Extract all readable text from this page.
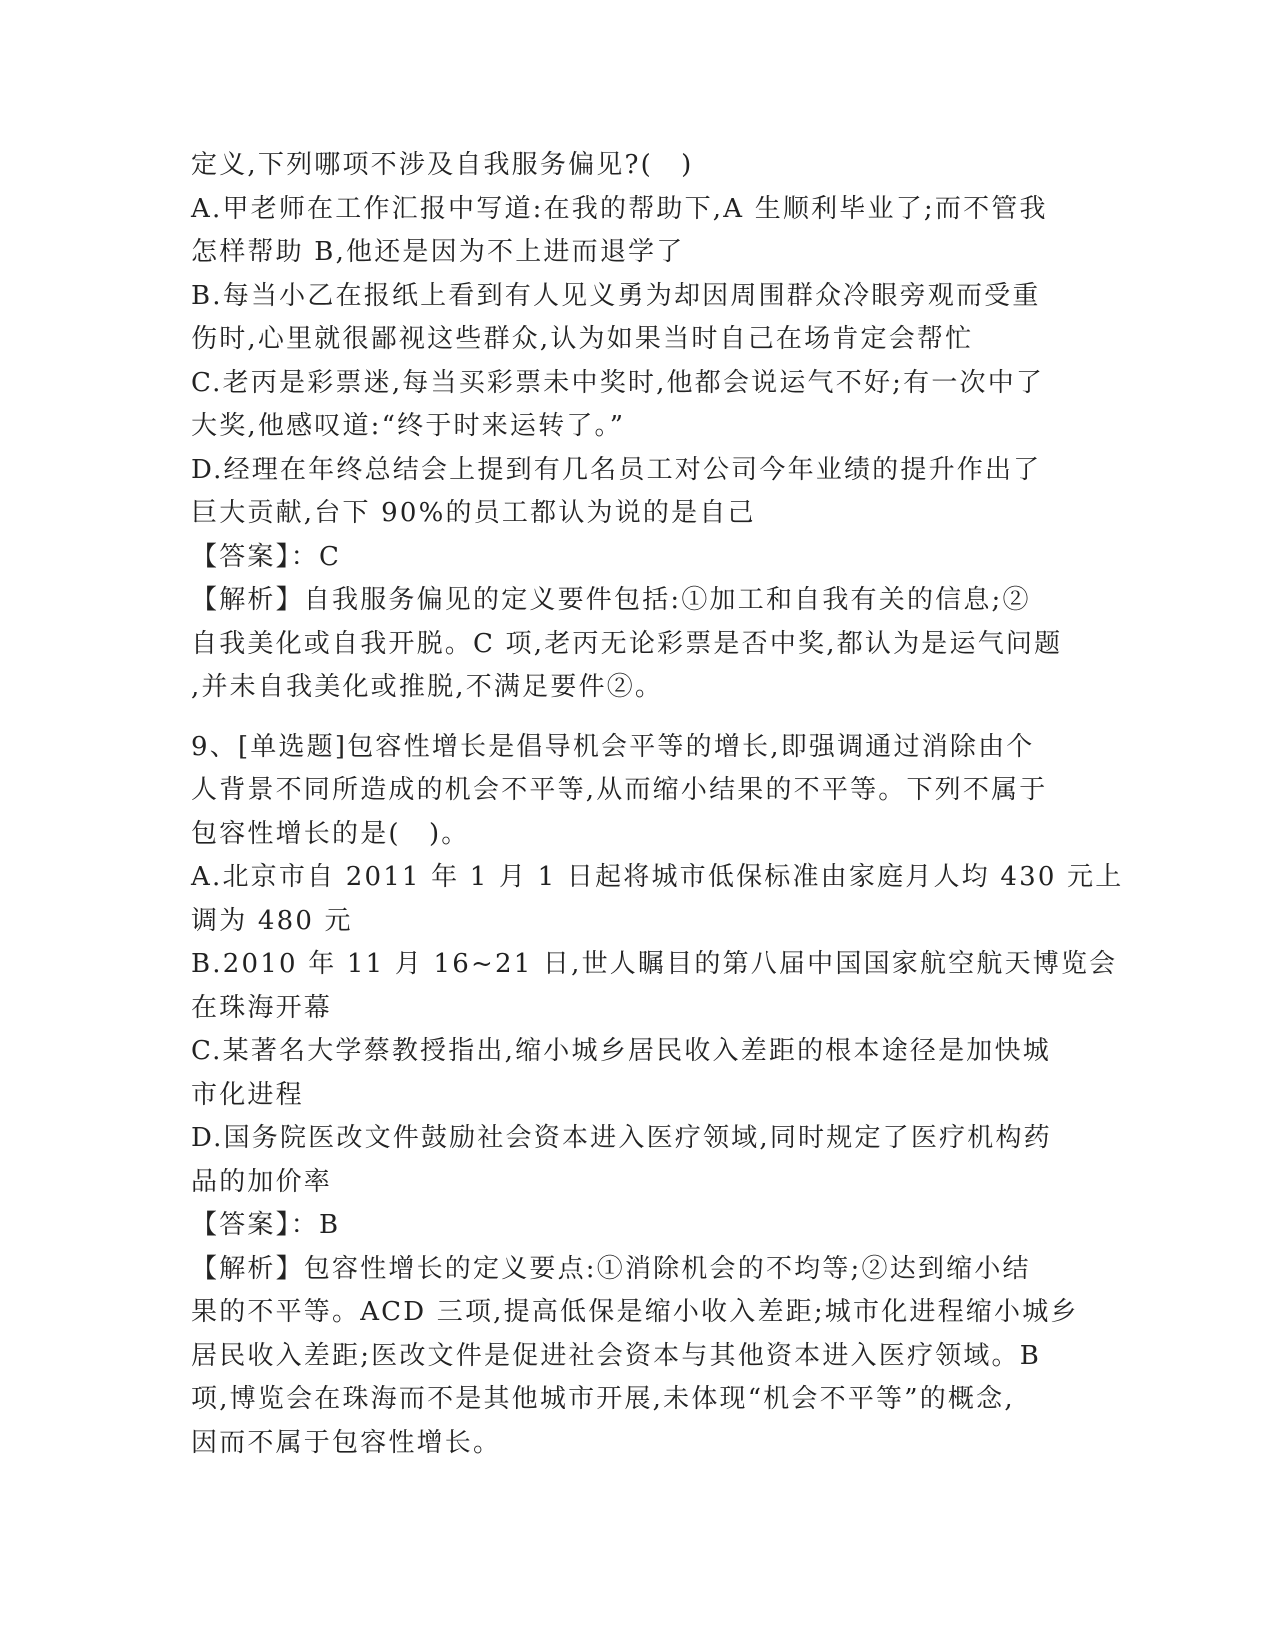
定义,下列哪项不涉及自我服务偏见?(　)
A.甲老师在工作汇报中写道:在我的帮助下,A 生顺利毕业了;而不管我
怎样帮助 B,他还是因为不上进而退学了
B.每当小乙在报纸上看到有人见义勇为却因周围群众冷眼旁观而受重
伤时,心里就很鄙视这些群众,认为如果当时自己在场肯定会帮忙
C.老丙是彩票迷,每当买彩票未中奖时,他都会说运气不好;有一次中了
大奖,他感叹道:“终于时来运转了。”
D.经理在年终总结会上提到有几名员工对公司今年业绩的提升作出了
巨大贡献,台下 90%的员工都认为说的是自己
【答案】：C
【解析】自我服务偏见的定义要件包括:①加工和自我有关的信息;②
自我美化或自我开脱。C 项,老丙无论彩票是否中奖,都认为是运气问题
,并未自我美化或推脱,不满足要件②。
9、[单选题]包容性增长是倡导机会平等的增长,即强调通过消除由个
人背景不同所造成的机会不平等,从而缩小结果的不平等。下列不属于
包容性增长的是(　)。
A.北京市自 2011 年 1 月 1 日起将城市低保标准由家庭月人均 430 元上
调为 480 元
B.2010 年 11 月 16~21 日,世人瞩目的第八届中国国家航空航天博览会
在珠海开幕
C.某著名大学蔡教授指出,缩小城乡居民收入差距的根本途径是加快城
市化进程
D.国务院医改文件鼓励社会资本进入医疗领域,同时规定了医疗机构药
品的加价率
【答案】：B
【解析】包容性增长的定义要点:①消除机会的不均等;②达到缩小结
果的不平等。ACD 三项,提高低保是缩小收入差距;城市化进程缩小城乡
居民收入差距;医改文件是促进社会资本与其他资本进入医疗领域。B
项,博览会在珠海而不是其他城市开展,未体现“机会不平等”的概念,
因而不属于包容性增长。
